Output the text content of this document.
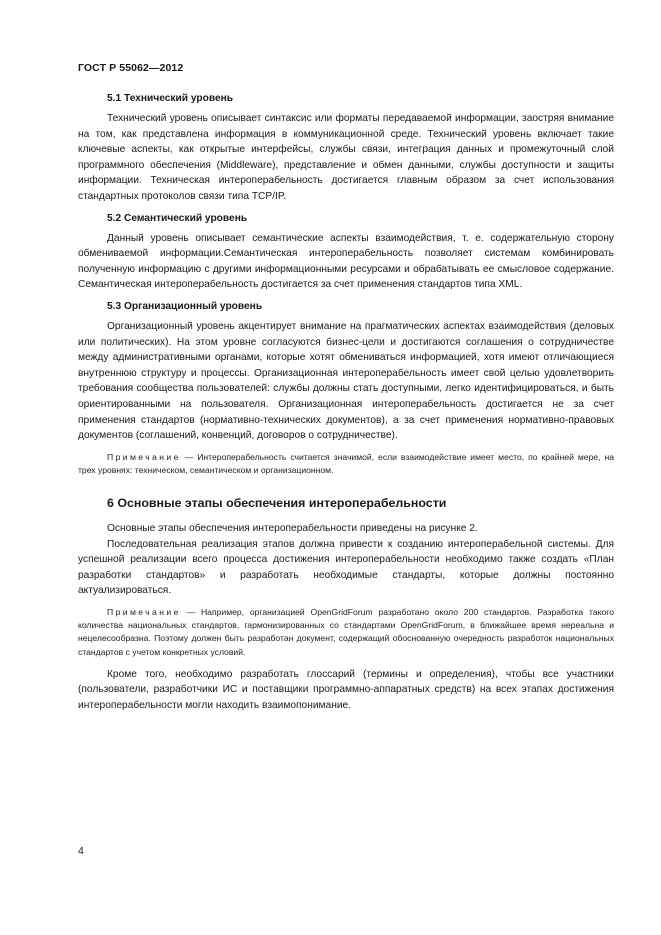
ГОСТ Р 55062—2012
5.1 Технический уровень

Технический уровень описывает синтаксис или форматы передаваемой информации, заостряя внимание на том, как представлена информация в коммуникационной среде. Технический уровень включает такие ключевые аспекты, как открытые интерфейсы, службы связи, интеграция данных и промежуточный слой программного обеспечения (Middleware), представление и обмен данными, службы доступности и защиты информации. Техническая интероперабельность достигается главным образом за счет использования стандартных протоколов связи типа TCP/IP.

5.2 Семантический уровень

Данный уровень описывает семантические аспекты взаимодействия, т. е. содержательную сторону обмениваемой информации.Семантическая интероперабельность позволяет системам комбинировать полученную информацию с другими информационными ресурсами и обрабатывать ее смысловое содержание. Семантическая интероперабельность достигается за счет применения стандартов типа XML.

5.3 Организационный уровень

Организационный уровень акцентирует внимание на прагматических аспектах взаимодействия (деловых или политических). На этом уровне согласуются бизнес-цели и достигаются соглашения о сотрудничестве между административными органами, которые хотят обмениваться информацией, хотя имеют отличающиеся внутреннюю структуру и процессы. Организационная интероперабельность имеет свой целью удовлетворить требования сообщества пользователей: службы должны стать доступными, легко идентифицироваться, и быть ориентированными на пользователя. Организационная интероперабельность достигается не за счет применения стандартов (нормативно-технических документов), а за счет применения нормативно-правовых документов (соглашений, конвенций, договоров о сотрудничестве).

Примечание — Интероперабельность считается значимой, если взаимодействие имеет место, по крайней мере, на трех уровнях: техническом, семантическом и организационном.

6 Основные этапы обеспечения интероперабельности

Основные этапы обеспечения интероперабельности приведены на рисунке 2.

Последовательная реализация этапов должна привести к созданию интероперабельной системы. Для успешной реализации всего процесса достижения интероперабельности необходимо также создать «План разработки стандартов» и разработать необходимые стандарты, которые должны постоянно актуализироваться.

Примечание — Например, организацией OpenGridForum разработано около 200 стандартов. Разработка такого количества национальных стандартов, гармонизированных со стандартами OpenGridForum, в ближайшее время нереальна и нецелесообразна. Поэтому должен быть разработан документ, содержащий обоснованную очередность разработок национальных стандартов с учетом конкретных условий.

Кроме того, необходимо разработать глоссарий (термины и определения), чтобы все участники (пользователи, разработчики ИС и поставщики программно-аппаратных средств) на всех этапах достижения интероперабельности могли находить взаимопонимание.

4
